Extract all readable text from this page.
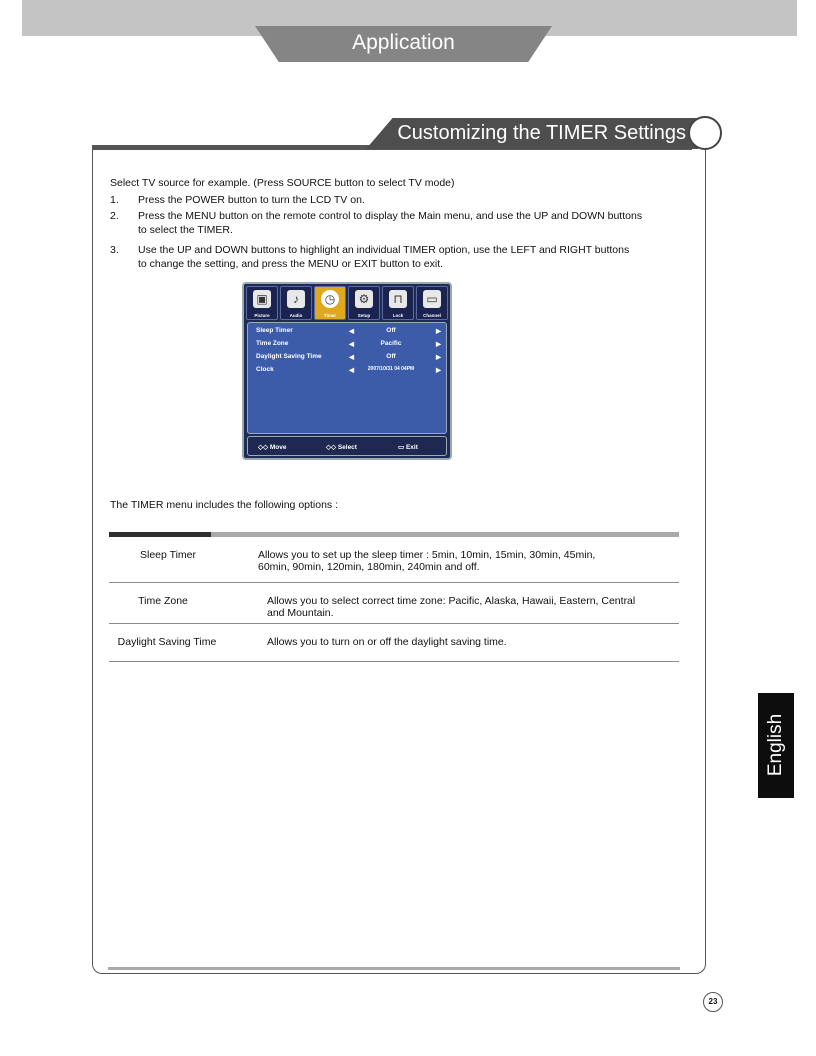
Application
Customizing the TIMER Settings
Select TV source for example. (Press SOURCE button to select TV mode)
1. Press the POWER button to turn the LCD TV on.
2. Press the MENU button on the remote control to display the Main menu, and use the UP and DOWN buttons to select the TIMER.
3. Use the UP and DOWN buttons to highlight an individual TIMER option, use the LEFT and RIGHT buttons to change the setting, and press the MENU or EXIT button to exit.
▣
Picture
♪
Audio
◷
Timer
⚙
Setup
⊓
Lock
▭
Channel
Sleep Timer	◀	Off	▶
Time Zone	◀	Pacific	▶
Daylight Saving Time	◀	Off	▶
Clock	◀	2007/10/31 04 04PM	▶
◇◇ Move	◇◇ Select	▭ Exit
The TIMER menu includes the following options :
Sleep Timer	Allows you to set up the sleep timer : 5min, 10min, 15min, 30min, 45min,
60min, 90min, 120min, 180min, 240min and off.
Time Zone	Allows you to select correct time zone: Pacific, Alaska, Hawaii, Eastern, Central
and Mountain.
Daylight Saving Time	Allows you to turn on or off the daylight saving time.
English
23
